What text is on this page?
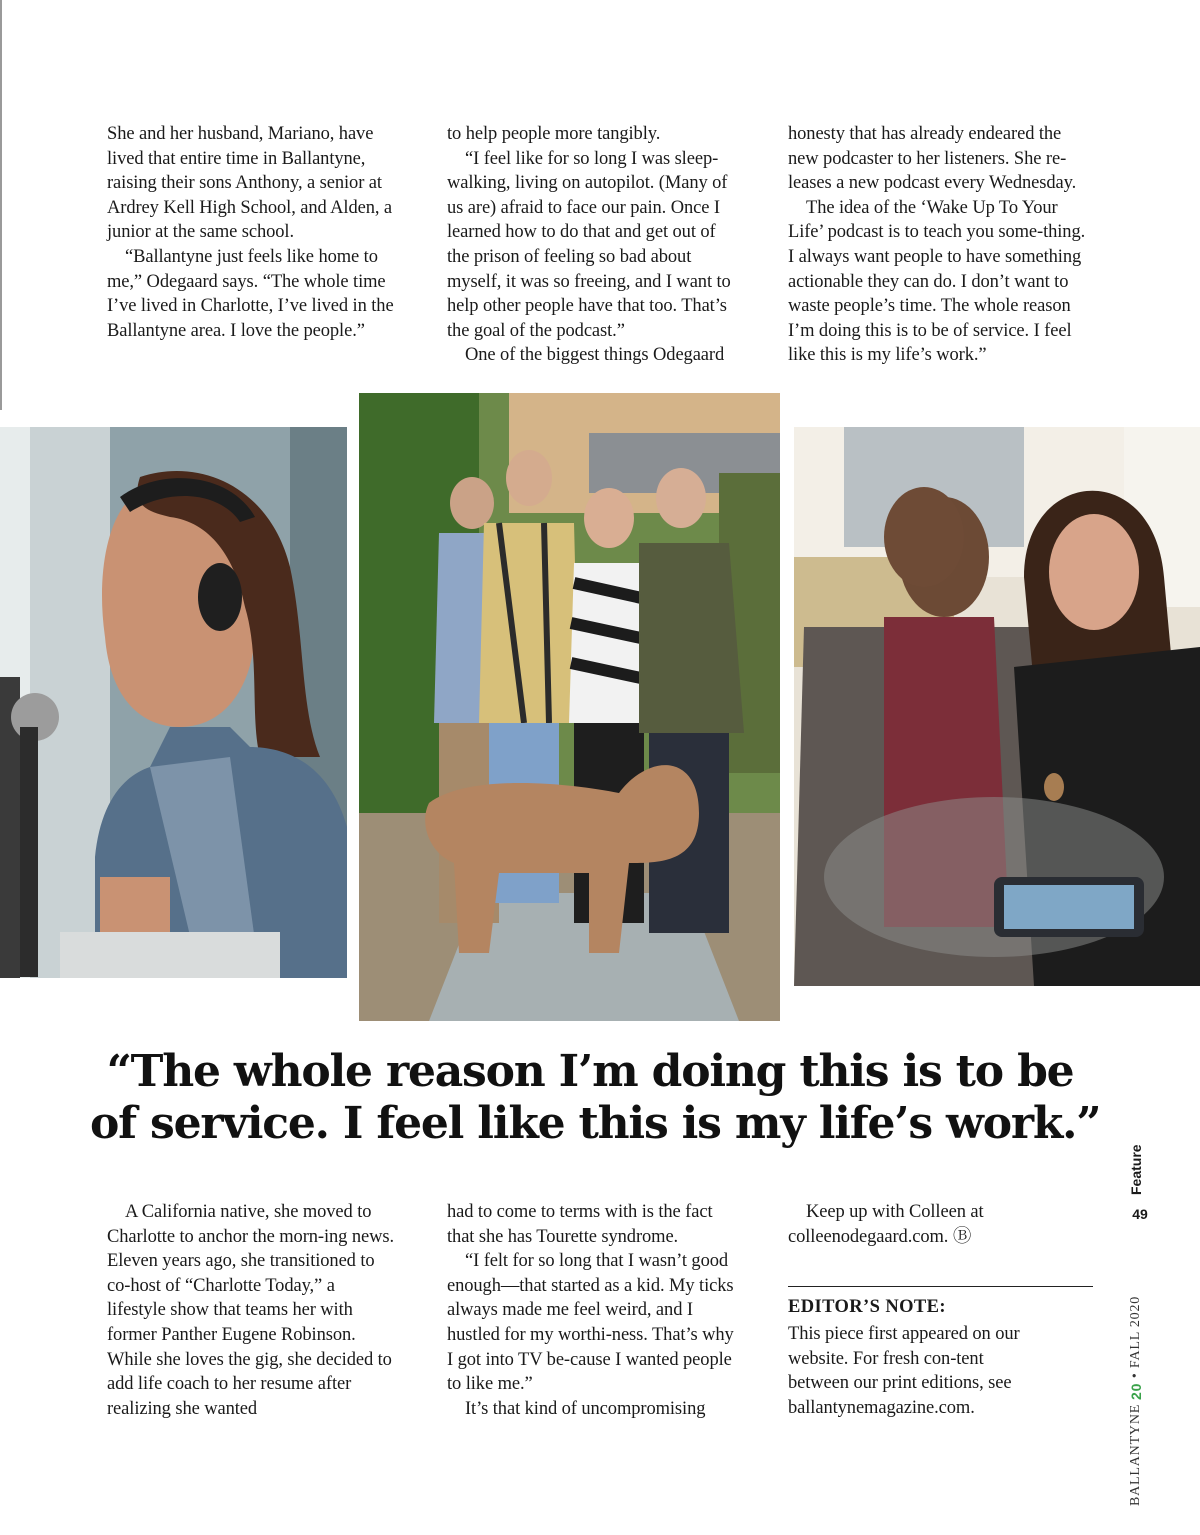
She and her husband, Mariano, have lived that entire time in Ballantyne, raising their sons Anthony, a senior at Ardrey Kell High School, and Alden, a junior at the same school.

“Ballantyne just feels like home to me,” Odegaard says. “The whole time I’ve lived in Charlotte, I’ve lived in the Ballantyne area. I love the people.”

to help people more tangibly.

“I feel like for so long I was sleep-walking, living on autopilot. (Many of us are) afraid to face our pain. Once I learned how to do that and get out of the prison of feeling so bad about myself, it was so freeing, and I want to help other people have that too. That’s the goal of the podcast.”

One of the biggest things Odegaard

honesty that has already endeared the new podcaster to her listeners. She re-leases a new podcast every Wednesday.

The idea of the ‘Wake Up To Your Life’ podcast is to teach you some-thing. I always want people to have something actionable they can do. I don’t want to waste people’s time. The whole reason I’m doing this is to be of service. I feel like this is my life’s work.”

“The whole reason I’m doing this is to be
of service. I feel like this is my life’s work.”

A California native, she moved to Charlotte to anchor the morn-ing news. Eleven years ago, she transitioned to co-host of “Charlotte Today,” a lifestyle show that teams her with former Panther Eugene Robinson. While she loves the gig, she decided to add life coach to her resume after realizing she wanted

had to come to terms with is the fact that she has Tourette syndrome.

“I felt for so long that I wasn’t good enough—that started as a kid. My ticks always made me feel weird, and I hustled for my worthi-ness. That’s why I got into TV be-cause I wanted people to like me.”

It’s that kind of uncompromising

Keep up with Colleen at colleenodegaard.com. Ⓑ

EDITOR’S NOTE:

This piece first appeared on our website. For fresh con-tent between our print editions, see ballantynemagazine.com.

Feature
49
BALLANTYNE 20 • FALL 2020
